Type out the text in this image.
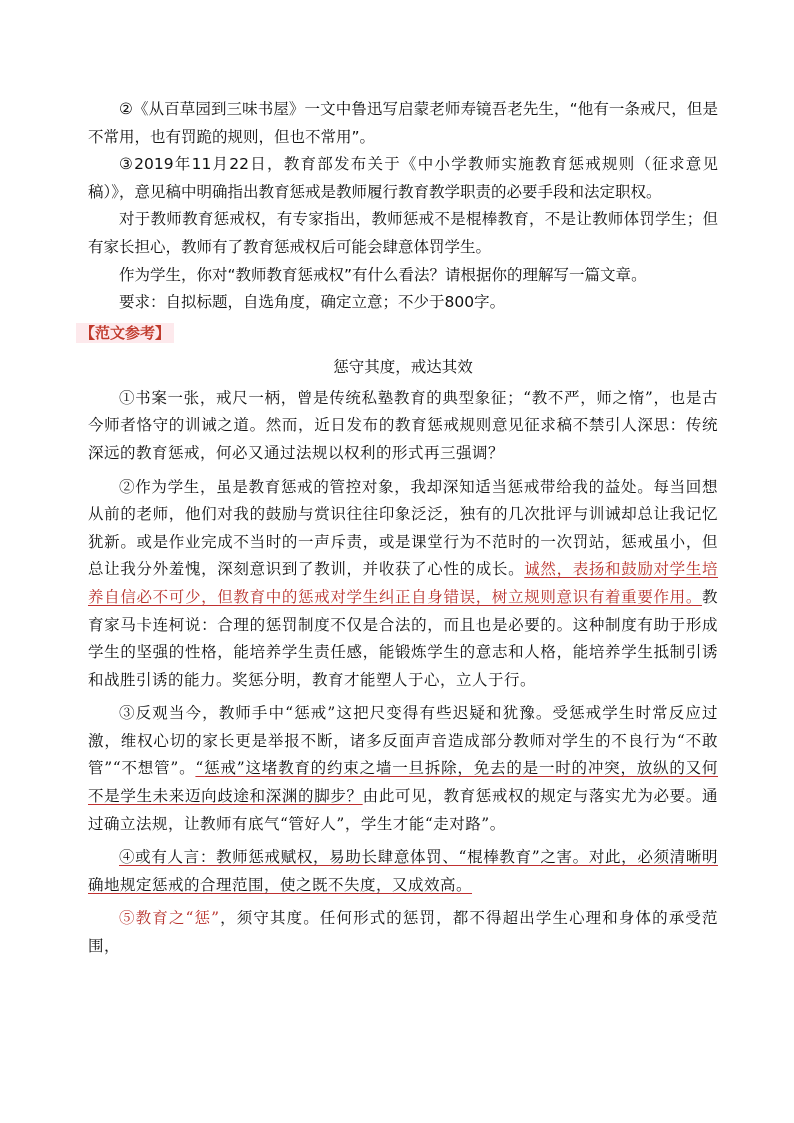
②《从百草园到三味书屋》一文中鲁迅写启蒙老师寿镜吾老先生，“他有一条戒尺，但是不常用，也有罚跪的规则，但也不常用”。

③2019年11月22日，教育部发布关于《中小学教师实施教育惩戒规则（征求意见稿）》，意见稿中明确指出教育惩戒是教师履行教育教学职责的必要手段和法定职权。

对于教师教育惩戒权，有专家指出，教师惩戒不是棍棒教育，不是让教师体罚学生；但有家长担心，教师有了教育惩戒权后可能会肆意体罚学生。

作为学生，你对“教师教育惩戒权”有什么看法？请根据你的理解写一篇文章。

要求：自拟标题，自选角度，确定立意；不少于800字。

【范文参考】
惩守其度，戒达其效

①书案一张，戒尺一柄，曾是传统私塾教育的典型象征；“教不严，师之惰”，也是古今师者恪守的训诫之道。然而，近日发布的教育惩戒规则意见征求稿不禁引人深思：传统深远的教育惩戒，何必又通过法规以权利的形式再三强调？

②作为学生，虽是教育惩戒的管控对象，我却深知适当惩戒带给我的益处。每当回想从前的老师，他们对我的鼓励与赏识往往印象泛泛，独有的几次批评与训诫却总让我记忆犹新。或是作业完成不当时的一声斥责，或是课堂行为不范时的一次罚站，惩戒虽小，但总让我分外羞愧，深刻意识到了教训，并收获了心性的成长。诚然，表扬和鼓励对学生培养自信必不可少，但教育中的惩戒对学生纠正自身错误，树立规则意识有着重要作用。教育家马卡连柯说：合理的惩罚制度不仅是合法的，而且也是必要的。这种制度有助于形成学生的坚强的性格，能培养学生责任感，能锻炼学生的意志和人格，能培养学生抵制引诱和战胜引诱的能力。奖惩分明，教育才能塑人于心，立人于行。

③反观当今，教师手中“惩戒”这把尺变得有些迟疑和犹豫。受惩戒学生时常反应过激，维权心切的家长更是举报不断，诸多反面声音造成部分教师对学生的不良行为“不敢管”“不想管”。“惩戒”这堵教育的约束之墙一旦拆除，免去的是一时的冲突，放纵的又何不是学生未来迈向歧途和深渊的脚步？由此可见，教育惩戒权的规定与落实尤为必要。通过确立法规，让教师有底气“管好人”，学生才能“走对路”。

④或有人言：教师惩戒赋权，易助长肆意体罚、“棍棒教育”之害。对此，必须清晰明确地规定惩戒的合理范围，使之既不失度，又成效高。

⑤教育之“惩”，须守其度。任何形式的惩罚，都不得超出学生心理和身体的承受范围，
